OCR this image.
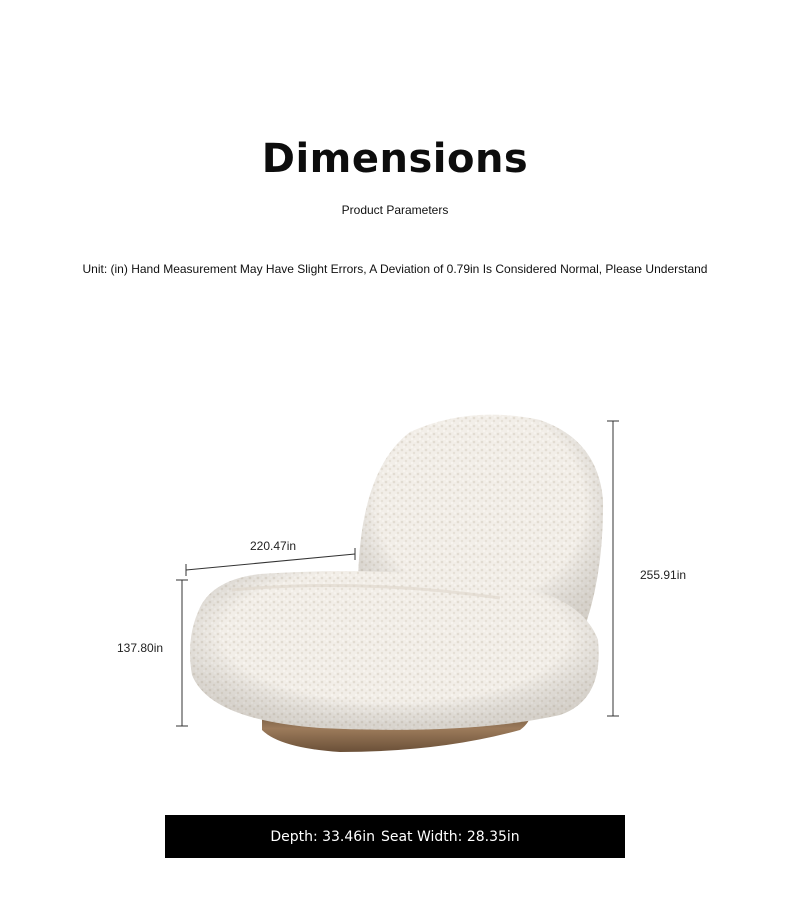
Dimensions
Product Parameters
Unit: (in) Hand Measurement May Have Slight Errors, A Deviation of 0.79in Is Considered Normal, Please Understand
220.47in
255.91in
137.80in
Depth: 33.46in Seat Width: 28.35in
